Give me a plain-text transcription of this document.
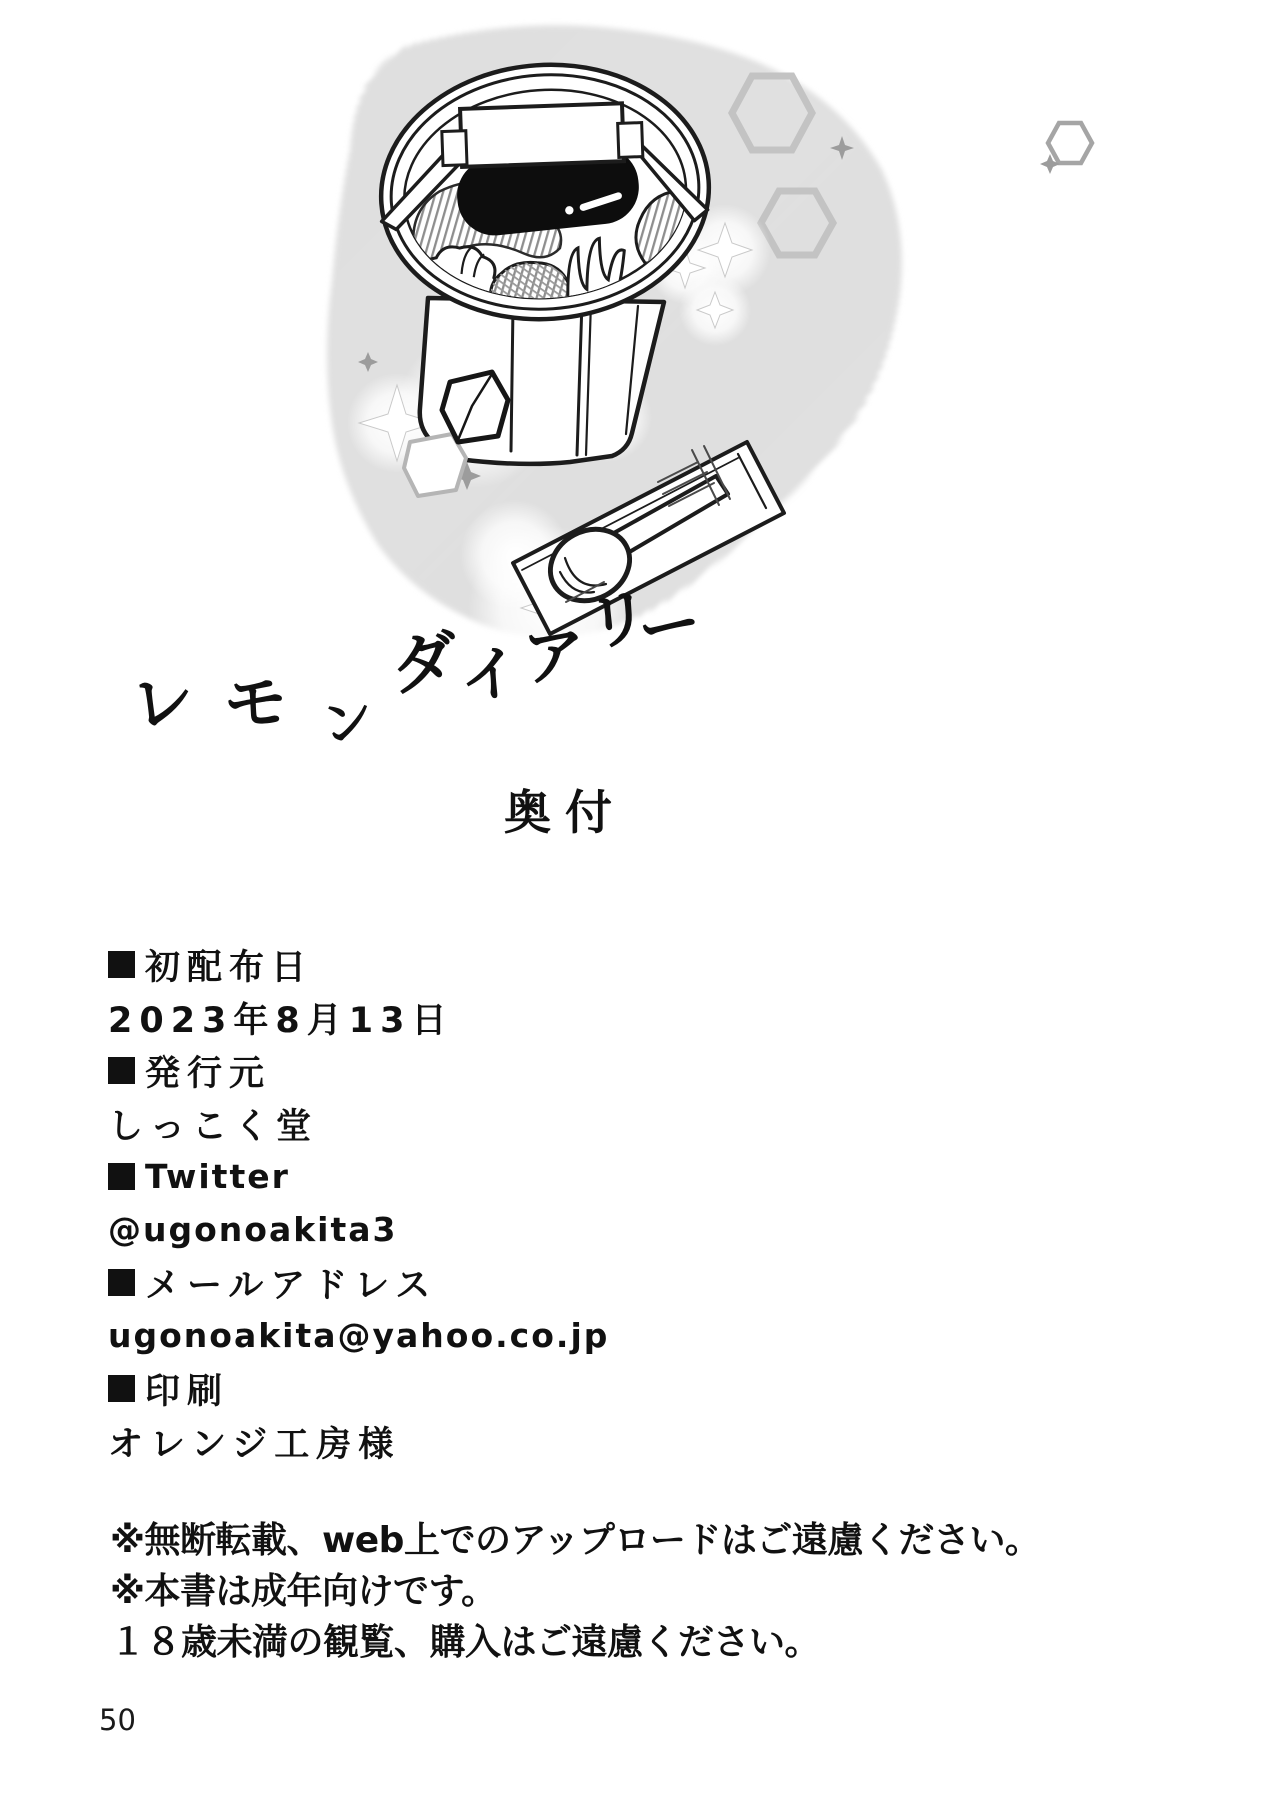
レ モ ンダイアリー
奥付
初配布日
2023年8月13日
発行元
しっこく堂
Twitter
@ugonoakita3
メールアドレス
ugonoakita@yahoo.co.jp
印刷
オレンジ工房様
※無断転載、web上でのアップロードはご遠慮ください。
※本書は成年向けです。
１８歳未満の観覧、購入はご遠慮ください。
50
